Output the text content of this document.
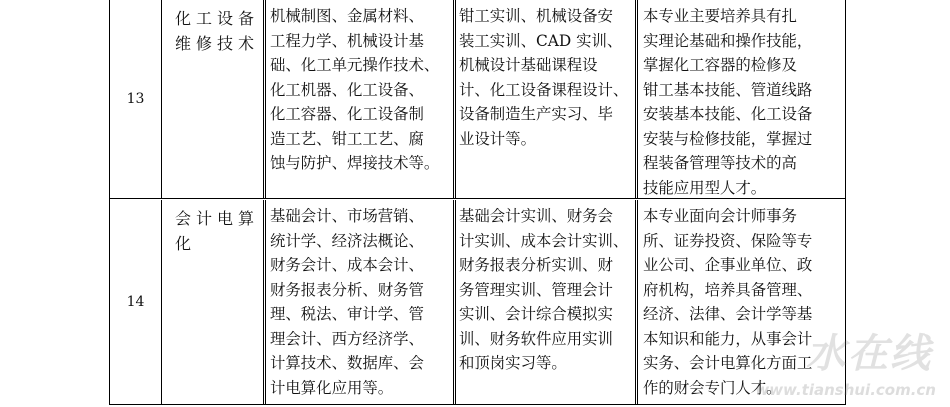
13
化工设备
维修技术
机械制图、金属材料、
工程力学、机械设计基
础、化工单元操作技术、
化工机器、化工设备、
化工容器、化工设备制
造工艺、钳工工艺、腐
蚀与防护、焊接技术等。
钳工实训、机械设备安
装工实训、CAD 实训、
机械设计基础课程设
计、化工设备课程设计、
设备制造生产实习、毕
业设计等。
本专业主要培养具有扎
实理论基础和操作技能，
掌握化工容器的检修及
钳工基本技能、管道线路
安装基本技能、化工设备
安装与检修技能，掌握过
程装备管理等技术的高
技能应用型人才。
14
会计电算
化
基础会计、市场营销、
统计学、经济法概论、
财务会计、成本会计、
财务报表分析、财务管
理、税法、审计学、管
理会计、西方经济学、
计算技术、数据库、会
计电算化应用等。
基础会计实训、财务会
计实训、成本会计实训、
财务报表分析实训、财
务管理实训、管理会计
实训、会计综合模拟实
训、财务软件应用实训
和顶岗实习等。
本专业面向会计师事务
所、证券投资、保险等专
业公司、企事业单位、政
府机构，培养具备管理、
经济、法律、会计学等基
本知识和能力，从事会计
实务、会计电算化方面工
作的财会专门人才。
水在线
www.tianshui.com.cn
